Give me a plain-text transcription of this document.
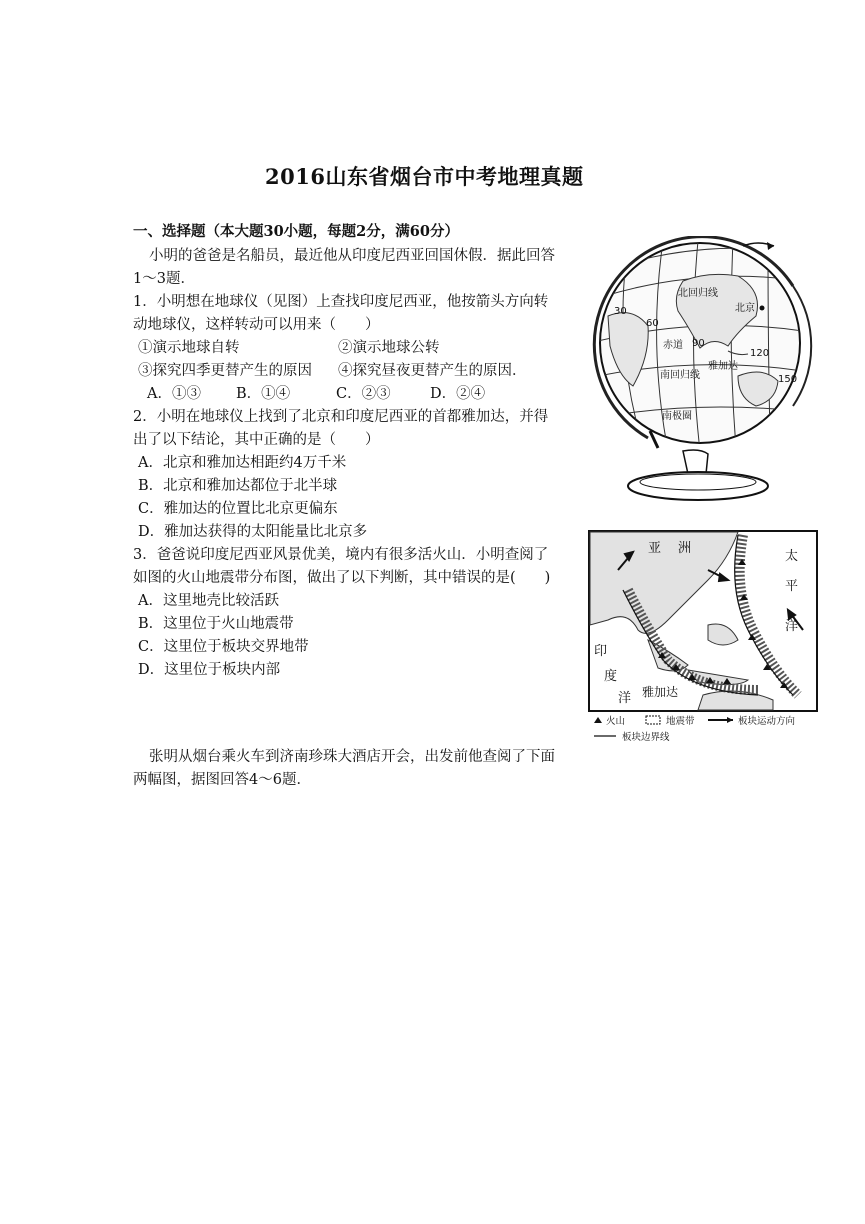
2016山东省烟台市中考地理真题
一、选择题（本大题30小题，每题2分，满60分）
小明的爸爸是名船员，最近他从印度尼西亚回国休假．据此回答
1～3题．
1．小明想在地球仪（见图）上查找印度尼西亚，他按箭头方向转
动地球仪，这样转动可以用来（　　）
①演示地球自转	②演示地球公转
③探究四季更替产生的原因 ④探究昼夜更替产生的原因．
A．①③ B．①④	C．②③	D．②④
2．小明在地球仪上找到了北京和印度尼西亚的首都雅加达，并得
出了以下结论，其中正确的是（　　）
A．北京和雅加达相距约4万千米
B．北京和雅加达都位于北半球
C．雅加达的位置比北京更偏东
D．雅加达获得的太阳能量比北京多
3．爸爸说印度尼西亚风景优美，境内有很多活火山．小明查阅了
如图的火山地震带分布图，做出了以下判断，其中错误的是(　　)
A．这里地壳比较活跃
B．这里位于火山地震带
C．这里位于板块交界地带
D．这里位于板块内部
张明从烟台乘火车到济南珍珠大酒店开会，出发前他查阅了下面
两幅图，据图回答4～6题．
北回归线
北京
赤道
雅加达
南回归线
南极圈
30
60
90
120
150
亚 洲
太
平
洋
印
度
洋 雅加达
火山	地震带	板块运动方向
板块边界线
